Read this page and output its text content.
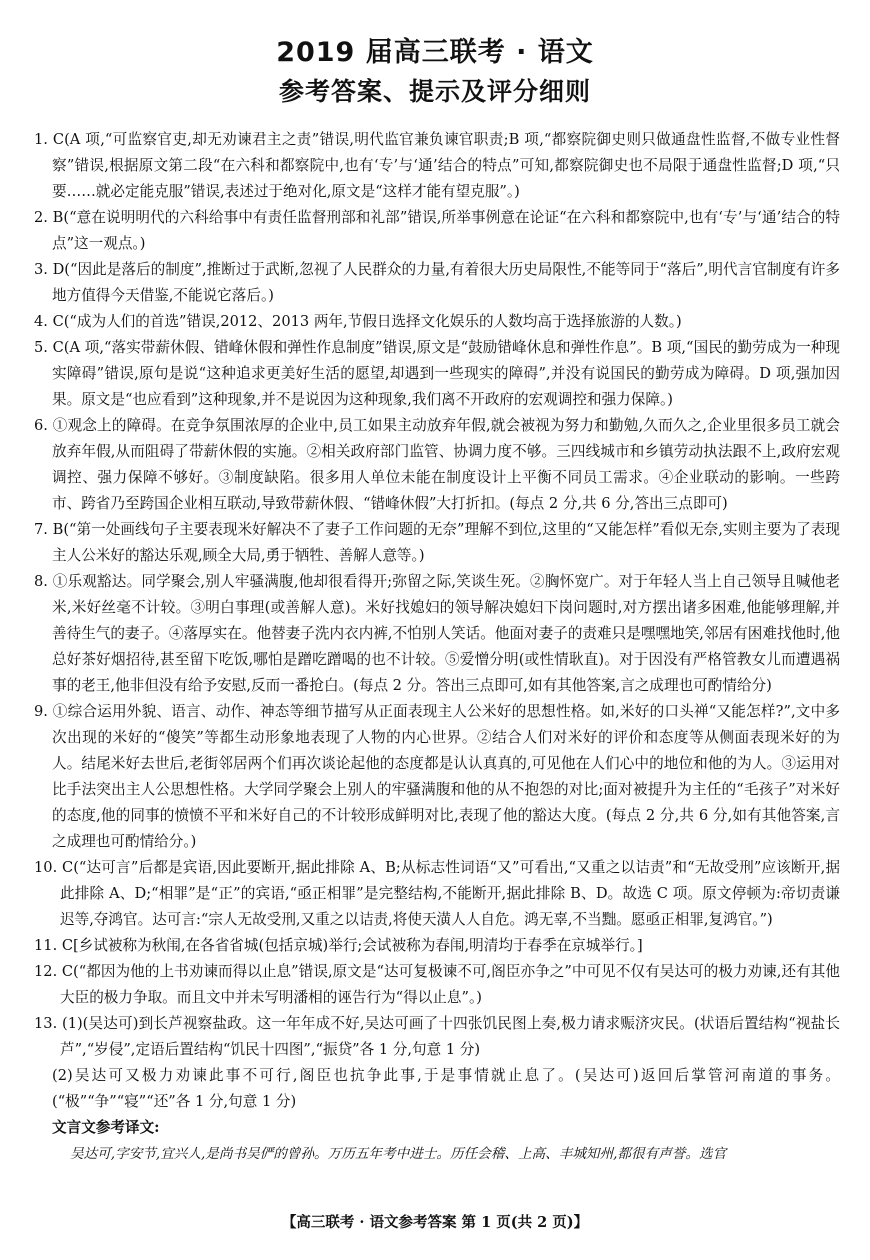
2019 届高三联考 · 语文
参考答案、提示及评分细则

1. C(A 项,“可监察官吏,却无劝谏君主之责”错误,明代监官兼负谏官职责;B 项,“都察院御史则只做通盘性监督,不做专业性督察”错误,根据原文第二段“在六科和都察院中,也有‘专’与‘通’结合的特点”可知,都察院御史也不局限于通盘性监督;D 项,“只要……就必定能克服”错误,表述过于绝对化,原文是“这样才能有望克服”。)

2. B(“意在说明明代的六科给事中有责任监督刑部和礼部”错误,所举事例意在论证“在六科和都察院中,也有‘专’与‘通’结合的特点”这一观点。)

3. D(“因此是落后的制度”,推断过于武断,忽视了人民群众的力量,有着很大历史局限性,不能等同于“落后”,明代言官制度有许多地方值得今天借鉴,不能说它落后。)

4. C(“成为人们的首选”错误,2012、2013 两年,节假日选择文化娱乐的人数均高于选择旅游的人数。)

5. C(A 项,“落实带薪休假、错峰休假和弹性作息制度”错误,原文是“鼓励错峰休息和弹性作息”。B 项,“国民的勤劳成为一种现实障碍”错误,原句是说“这种追求更美好生活的愿望,却遇到一些现实的障碍”,并没有说国民的勤劳成为障碍。D 项,强加因果。原文是“也应看到”这种现象,并不是说因为这种现象,我们离不开政府的宏观调控和强力保障。)

6. ①观念上的障碍。在竞争氛围浓厚的企业中,员工如果主动放弃年假,就会被视为努力和勤勉,久而久之,企业里很多员工就会放弃年假,从而阻碍了带薪休假的实施。②相关政府部门监管、协调力度不够。三四线城市和乡镇劳动执法跟不上,政府宏观调控、强力保障不够好。③制度缺陷。很多用人单位未能在制度设计上平衡不同员工需求。④企业联动的影响。一些跨市、跨省乃至跨国企业相互联动,导致带薪休假、“错峰休假”大打折扣。(每点 2 分,共 6 分,答出三点即可)

7. B(“第一处画线句子主要表现米好解决不了妻子工作问题的无奈”理解不到位,这里的“又能怎样”看似无奈,实则主要为了表现主人公米好的豁达乐观,顾全大局,勇于牺牲、善解人意等。)

8. ①乐观豁达。同学聚会,别人牢骚满腹,他却很看得开;弥留之际,笑谈生死。②胸怀宽广。对于年轻人当上自己领导且喊他老米,米好丝毫不计较。③明白事理(或善解人意)。米好找媳妇的领导解决媳妇下岗问题时,对方摆出诸多困难,他能够理解,并善待生气的妻子。④落厚实在。他替妻子洗内衣内裤,不怕别人笑话。他面对妻子的责难只是嘿嘿地笑,邻居有困难找他时,他总好茶好烟招待,甚至留下吃饭,哪怕是蹭吃蹭喝的也不计较。⑤爱憎分明(或性情耿直)。对于因没有严格管教女儿而遭遇祸事的老王,他非但没有给予安慰,反而一番抢白。(每点 2 分。答出三点即可,如有其他答案,言之成理也可酌情给分)

9. ①综合运用外貌、语言、动作、神态等细节描写从正面表现主人公米好的思想性格。如,米好的口头禅“又能怎样?”,文中多次出现的米好的“傻笑”等都生动形象地表现了人物的内心世界。②结合人们对米好的评价和态度等从侧面表现米好的为人。结尾米好去世后,老街邻居两个们再次谈论起他的态度都是认认真真的,可见他在人们心中的地位和他的为人。③运用对比手法突出主人公思想性格。大学同学聚会上别人的牢骚满腹和他的从不抱怨的对比;面对被提升为主任的“毛孩子”对米好的态度,他的同事的愤愤不平和米好自己的不计较形成鲜明对比,表现了他的豁达大度。(每点 2 分,共 6 分,如有其他答案,言之成理也可酌情给分。)

10. C(“达可言”后都是宾语,因此要断开,据此排除 A、B;从标志性词语“又”可看出,“又重之以诘责”和“无故受刑”应该断开,据此排除 A、D;“相罪”是“正”的宾语,“亟正相罪”是完整结构,不能断开,据此排除 B、D。故选 C 项。原文停顿为:帝切责谦迟等,夺鸿官。达可言:“宗人无故受刑,又重之以诘责,将使天潢人人自危。鸿无辜,不当黜。愿亟正相罪,复鸿官。”)

11. C[乡试被称为秋闱,在各省省城(包括京城)举行;会试被称为春闱,明清均于春季在京城举行。]

12. C(“都因为他的上书劝谏而得以止息”错误,原文是“达可复极谏不可,阁臣亦争之”中可见不仅有吴达可的极力劝谏,还有其他大臣的极力争取。而且文中并未写明潘相的诬告行为“得以止息”。)

13. (1)(吴达可)到长芦视察盐政。这一年年成不好,吴达可画了十四张饥民图上奏,极力请求赈济灾民。(状语后置结构“视盐长芦”,“岁侵”,定语后置结构“饥民十四图”,“振贷”各 1 分,句意 1 分)

(2)吴达可又极力劝谏此事不可行,阁臣也抗争此事,于是事情就止息了。(吴达可)返回后掌管河南道的事务。(“极”“争”“寝”“还”各 1 分,句意 1 分)

文言文参考译文:

吴达可,字安节,宜兴人,是尚书吴俨的曾孙。万历五年考中进士。历任会稽、上高、丰城知州,都很有声誉。选官

【高三联考 · 语文参考答案 第 1 页(共 2 页)】
